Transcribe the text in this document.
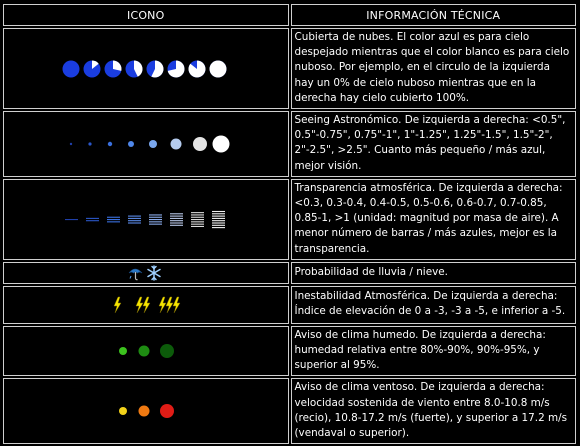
ICONO	INFORMACIÓN TÉCNICA

	Cubierta de nubes. El color azul es para cielo despejado mientras que el color blanco es para cielo nuboso. Por ejemplo, en el circulo de la izquierda hay un 0% de cielo nuboso mientras que en la derecha hay cielo cubierto 100%.

	Seeing Astronómico. De izquierda a derecha: <0.5", 0.5"-0.75", 0.75"-1", 1"-1.25", 1.25"-1.5", 1.5"-2", 2"-2.5", >2.5". Cuanto más pequeño / más azul, mejor visión.

	Transparencia atmosférica. De izquierda a derecha: <0.3, 0.3-0.4, 0.4-0.5, 0.5-0.6, 0.6-0.7, 0.7-0.85, 0.85-1, >1 (unidad: magnitud por masa de aire). A menor número de barras / más azules, mejor es la transparencia.

	Probabilidad de lluvia / nieve.

	Inestabilidad Atmosférica. De izquierda a derecha: Índice de elevación de 0 a -3, -3 a -5, e inferior a -5.

	Aviso de clima humedo. De izquierda a derecha: humedad relativa entre 80%-90%, 90%-95%, y superior al 95%.

	Aviso de clima ventoso. De izquierda a derecha: velocidad sostenida de viento entre 8.0-10.8 m/s (recio), 10.8-17.2 m/s (fuerte), y superior a 17.2 m/s (vendaval o superior).
